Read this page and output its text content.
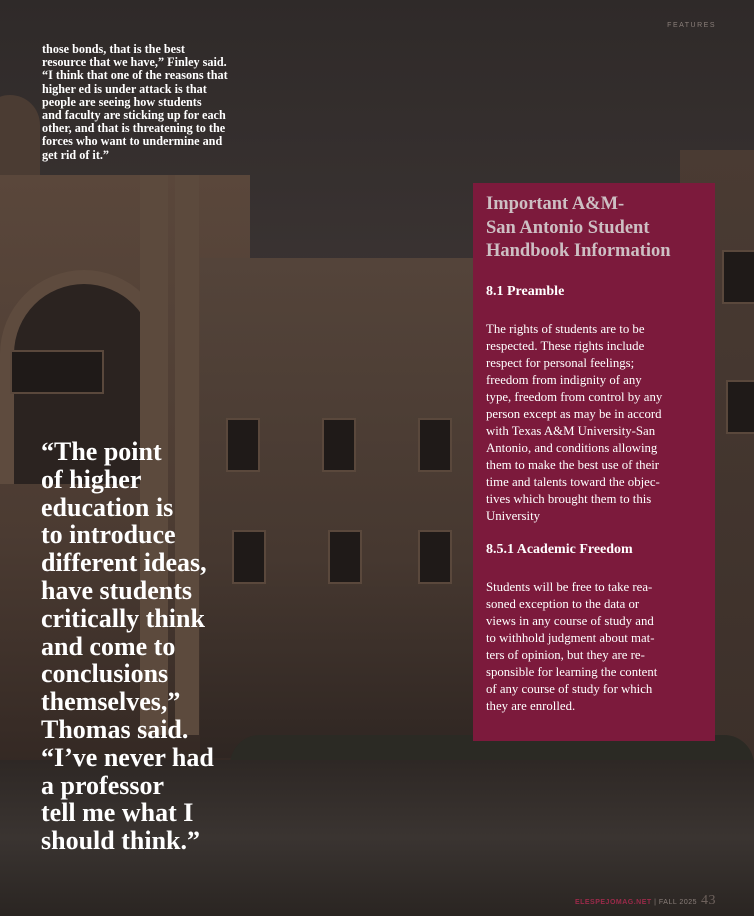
FEATURES
those bonds, that is the best
resource that we have,” Finley said.
“I think that one of the reasons that
higher ed is under attack is that
people are seeing how students
and faculty are sticking up for each
other, and that is threatening to the
forces who want to undermine and
get rid of it.”
“The point
of higher
education is
to introduce
different ideas,
have students
critically think
and come to
conclusions
themselves,”
Thomas said.
“I’ve never had
a professor
tell me what I
should think.”
Important A&M-
San Antonio Student
Handbook Information
8.1 Preamble
The rights of students are to be
respected. These rights include
respect for personal feelings;
freedom from indignity of any
type, freedom from control by any
person except as may be in accord
with Texas A&M University-San
Antonio, and conditions allowing
them to make the best use of their
time and talents toward the objec-
tives which brought them to this
University
8.5.1 Academic Freedom
Students will be free to take rea-
soned exception to the data or
views in any course of study and
to withhold judgment about mat-
ters of opinion, but they are re-
sponsible for learning the content
of any course of study for which
they are enrolled.
ELESPEJOMAG.NET | FALL 2025 43
